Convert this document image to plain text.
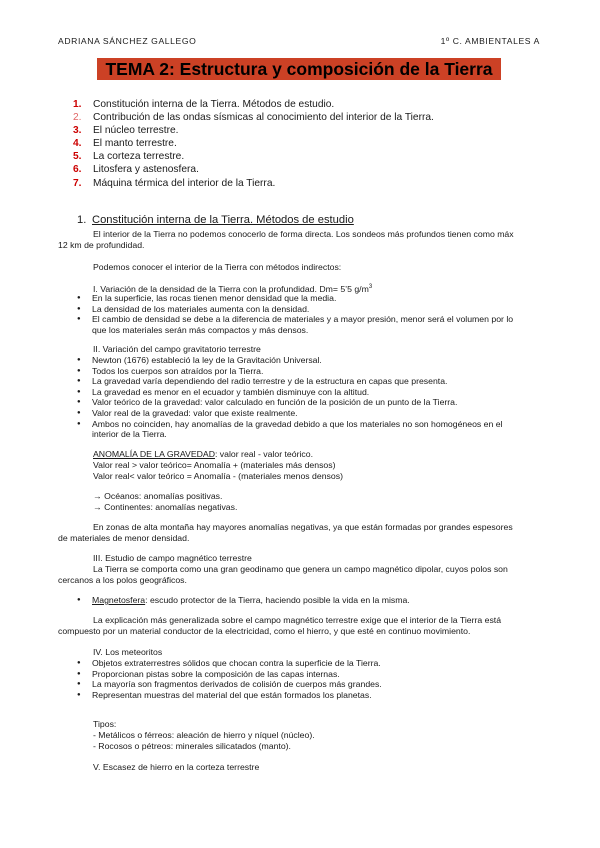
ADRIANA SÁNCHEZ GALLEGO	1º C. AMBIENTALES A
TEMA 2: Estructura y composición de la Tierra
1. Constitución interna de la Tierra. Métodos de estudio.
2. Contribución de las ondas sísmicas al conocimiento del interior de la Tierra.
3. El núcleo terrestre.
4. El manto terrestre.
5. La corteza terrestre.
6. Litosfera y astenosfera.
7. Máquina térmica del interior de la Tierra.
1. Constitución interna de la Tierra. Métodos de estudio
El interior de la Tierra no podemos conocerlo de forma directa. Los sondeos más profundos tienen como máx
12 km de profundidad.
Podemos conocer el interior de la Tierra con métodos indirectos:
I. Variación de la densidad de la Tierra con la profundidad. Dm= 5’5 $g/m^3$
● En la superficie, las rocas tienen menor densidad que la media.
● La densidad de los materiales aumenta con la densidad.
● El cambio de densidad se debe a la diferencia de materiales y a mayor presión, menor será el volumen por lo
que los materiales serán más compactos y más densos.
II. Variación del campo gravitatorio terrestre
● Newton (1676) estableció la ley de la Gravitación Universal.
● Todos los cuerpos son atraídos por la Tierra.
● La gravedad varía dependiendo del radio terrestre y de la estructura en capas que presenta.
● La gravedad es menor en el ecuador y también disminuye con la altitud.
● Valor teórico de la gravedad: valor calculado en función de la posición de un punto de la Tierra.
● Valor real de la gravedad: valor que existe realmente.
● Ambos no coinciden, hay anomalías de la gravedad debido a que los materiales no son homogéneos en el
interior de la Tierra.
ANOMALÍA DE LA GRAVEDAD: valor real - valor teórico.
Valor real > valor teórico= Anomalía + (materiales más densos)
Valor real< valor teórico = Anomalía - (materiales menos densos)
→ Océanos: anomalías positivas.
→ Continentes: anomalías negativas.
En zonas de alta montaña hay mayores anomalías negativas, ya que están formadas por grandes espesores
de materiales de menor densidad.
III. Estudio de campo magnético terrestre
La Tierra se comporta como una gran geodinamo que genera un campo magnético dipolar, cuyos polos son
cercanos a los polos geográficos.
● Magnetosfera: escudo protector de la Tierra, haciendo posible la vida en la misma.
La explicación más generalizada sobre el campo magnético terrestre exige que el interior de la Tierra está
compuesto por un material conductor de la electricidad, como el hierro, y que esté en continuo movimiento.
IV. Los meteoritos
● Objetos extraterrestres sólidos que chocan contra la superficie de la Tierra.
● Proporcionan pistas sobre la composición de las capas internas.
● La mayoría son fragmentos derivados de colisión de cuerpos más grandes.
● Representan muestras del material del que están formados los planetas.
Tipos:
- Metálicos o férreos: aleación de hierro y níquel (núcleo).
- Rocosos o pétreos: minerales silicatados (manto).
V. Escasez de hierro en la corteza terrestre
